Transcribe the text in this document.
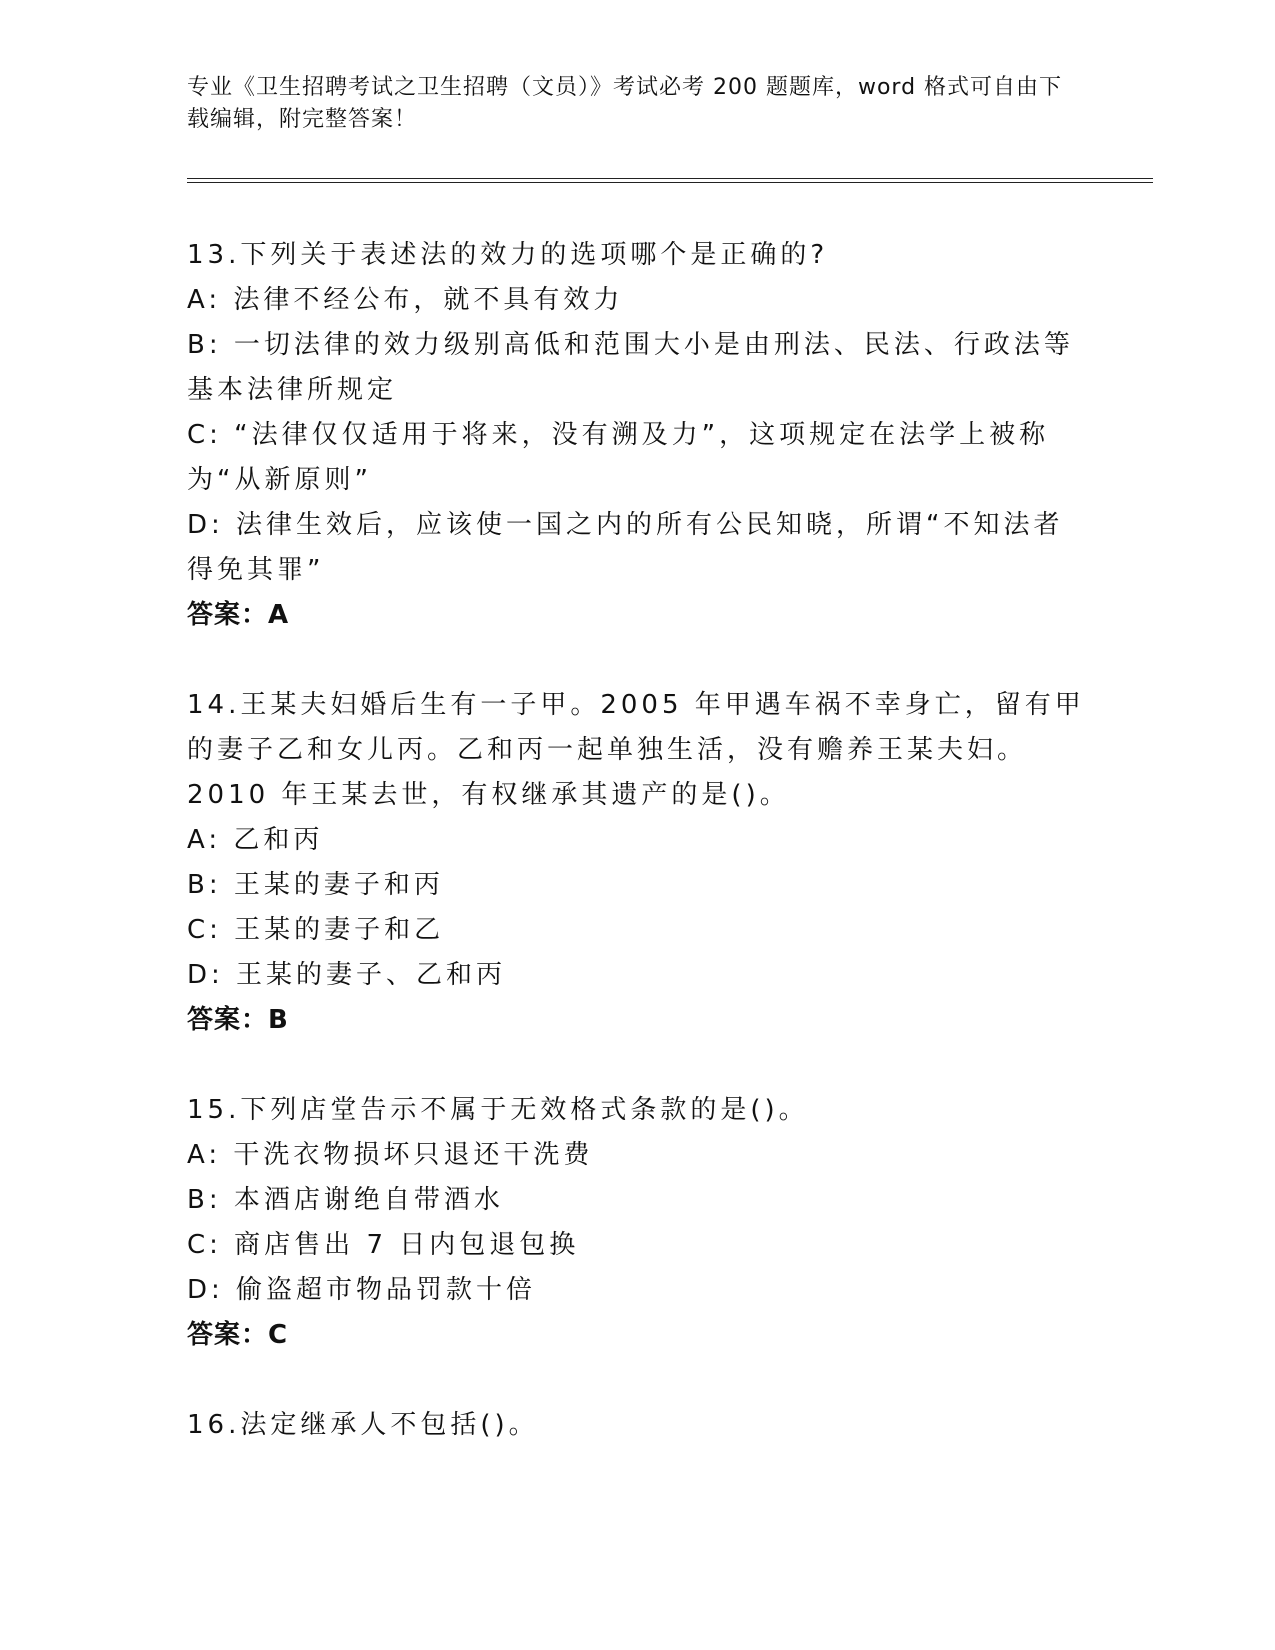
专业《卫生招聘考试之卫生招聘（文员）》考试必考 200 题题库，word 格式可自由下载编辑，附完整答案！

13.下列关于表述法的效力的选项哪个是正确的?

A: 法律不经公布，就不具有效力

B: 一切法律的效力级别高低和范围大小是由刑法、民法、行政法等基本法律所规定

C: “法律仅仅适用于将来，没有溯及力”，这项规定在法学上被称为“从新原则”

D: 法律生效后，应该使一国之内的所有公民知晓，所谓“不知法者得免其罪”

答案：A

14.王某夫妇婚后生有一子甲。2005 年甲遇车祸不幸身亡，留有甲的妻子乙和女儿丙。乙和丙一起单独生活，没有赡养王某夫妇。2010 年王某去世，有权继承其遗产的是()。

A: 乙和丙

B: 王某的妻子和丙

C: 王某的妻子和乙

D: 王某的妻子、乙和丙

答案：B

15.下列店堂告示不属于无效格式条款的是()。

A: 干洗衣物损坏只退还干洗费

B: 本酒店谢绝自带酒水

C: 商店售出 7 日内包退包换

D: 偷盗超市物品罚款十倍

答案：C

16.法定继承人不包括()。
